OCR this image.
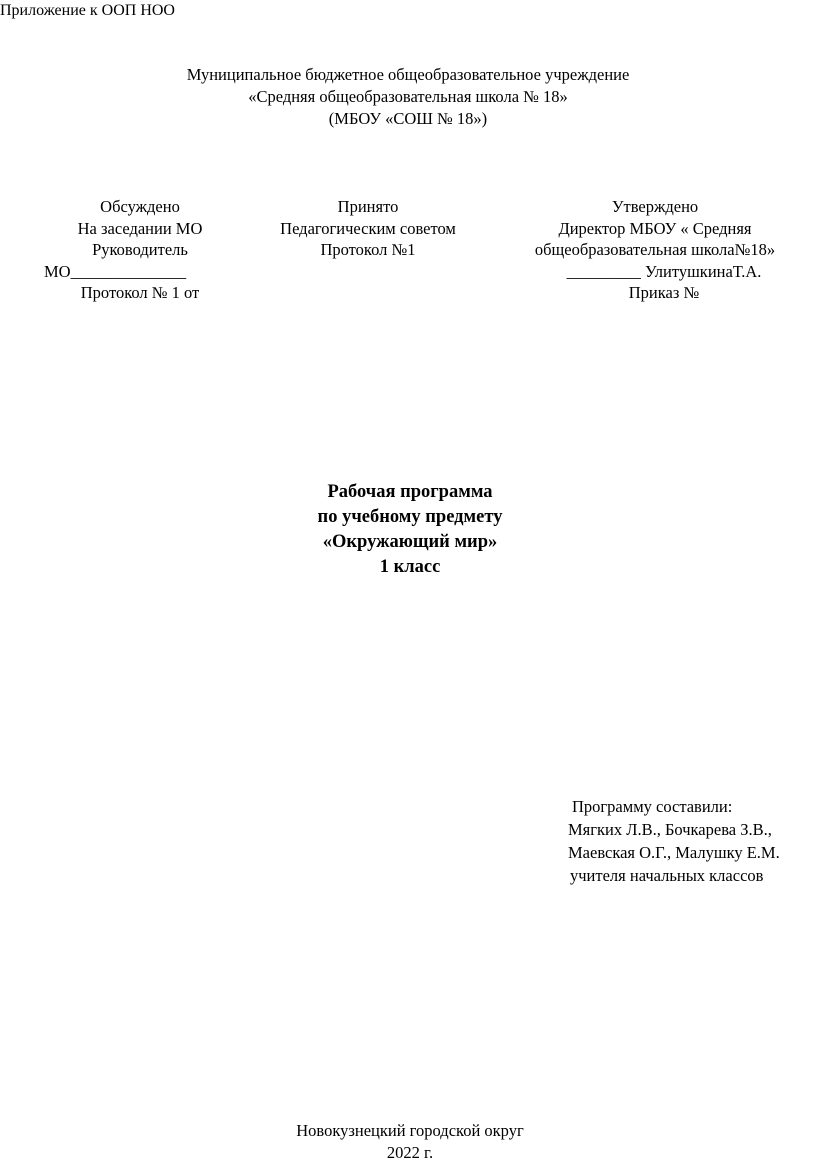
Приложение к ООП НОО
Муниципальное бюджетное общеобразовательное учреждение
«Средняя общеобразовательная школа № 18»
(МБОУ «СОШ № 18»)
Обсуждено
На заседании МО
Руководитель
МО______________
Протокол № 1 от
Принято
Педагогическим советом
Протокол №1
Утверждено
Директор МБОУ « Средняя
общеобразовательная школа№18»
_________ УлитушкинаТ.А.
Приказ №
Рабочая программа
по учебному предмету
«Окружающий мир»
1 класс
Программу составили:
Мягких Л.В., Бочкарева З.В.,
Маевская О.Г., Малушку Е.М.
учителя начальных классов
Новокузнецкий городской округ
2022 г.
